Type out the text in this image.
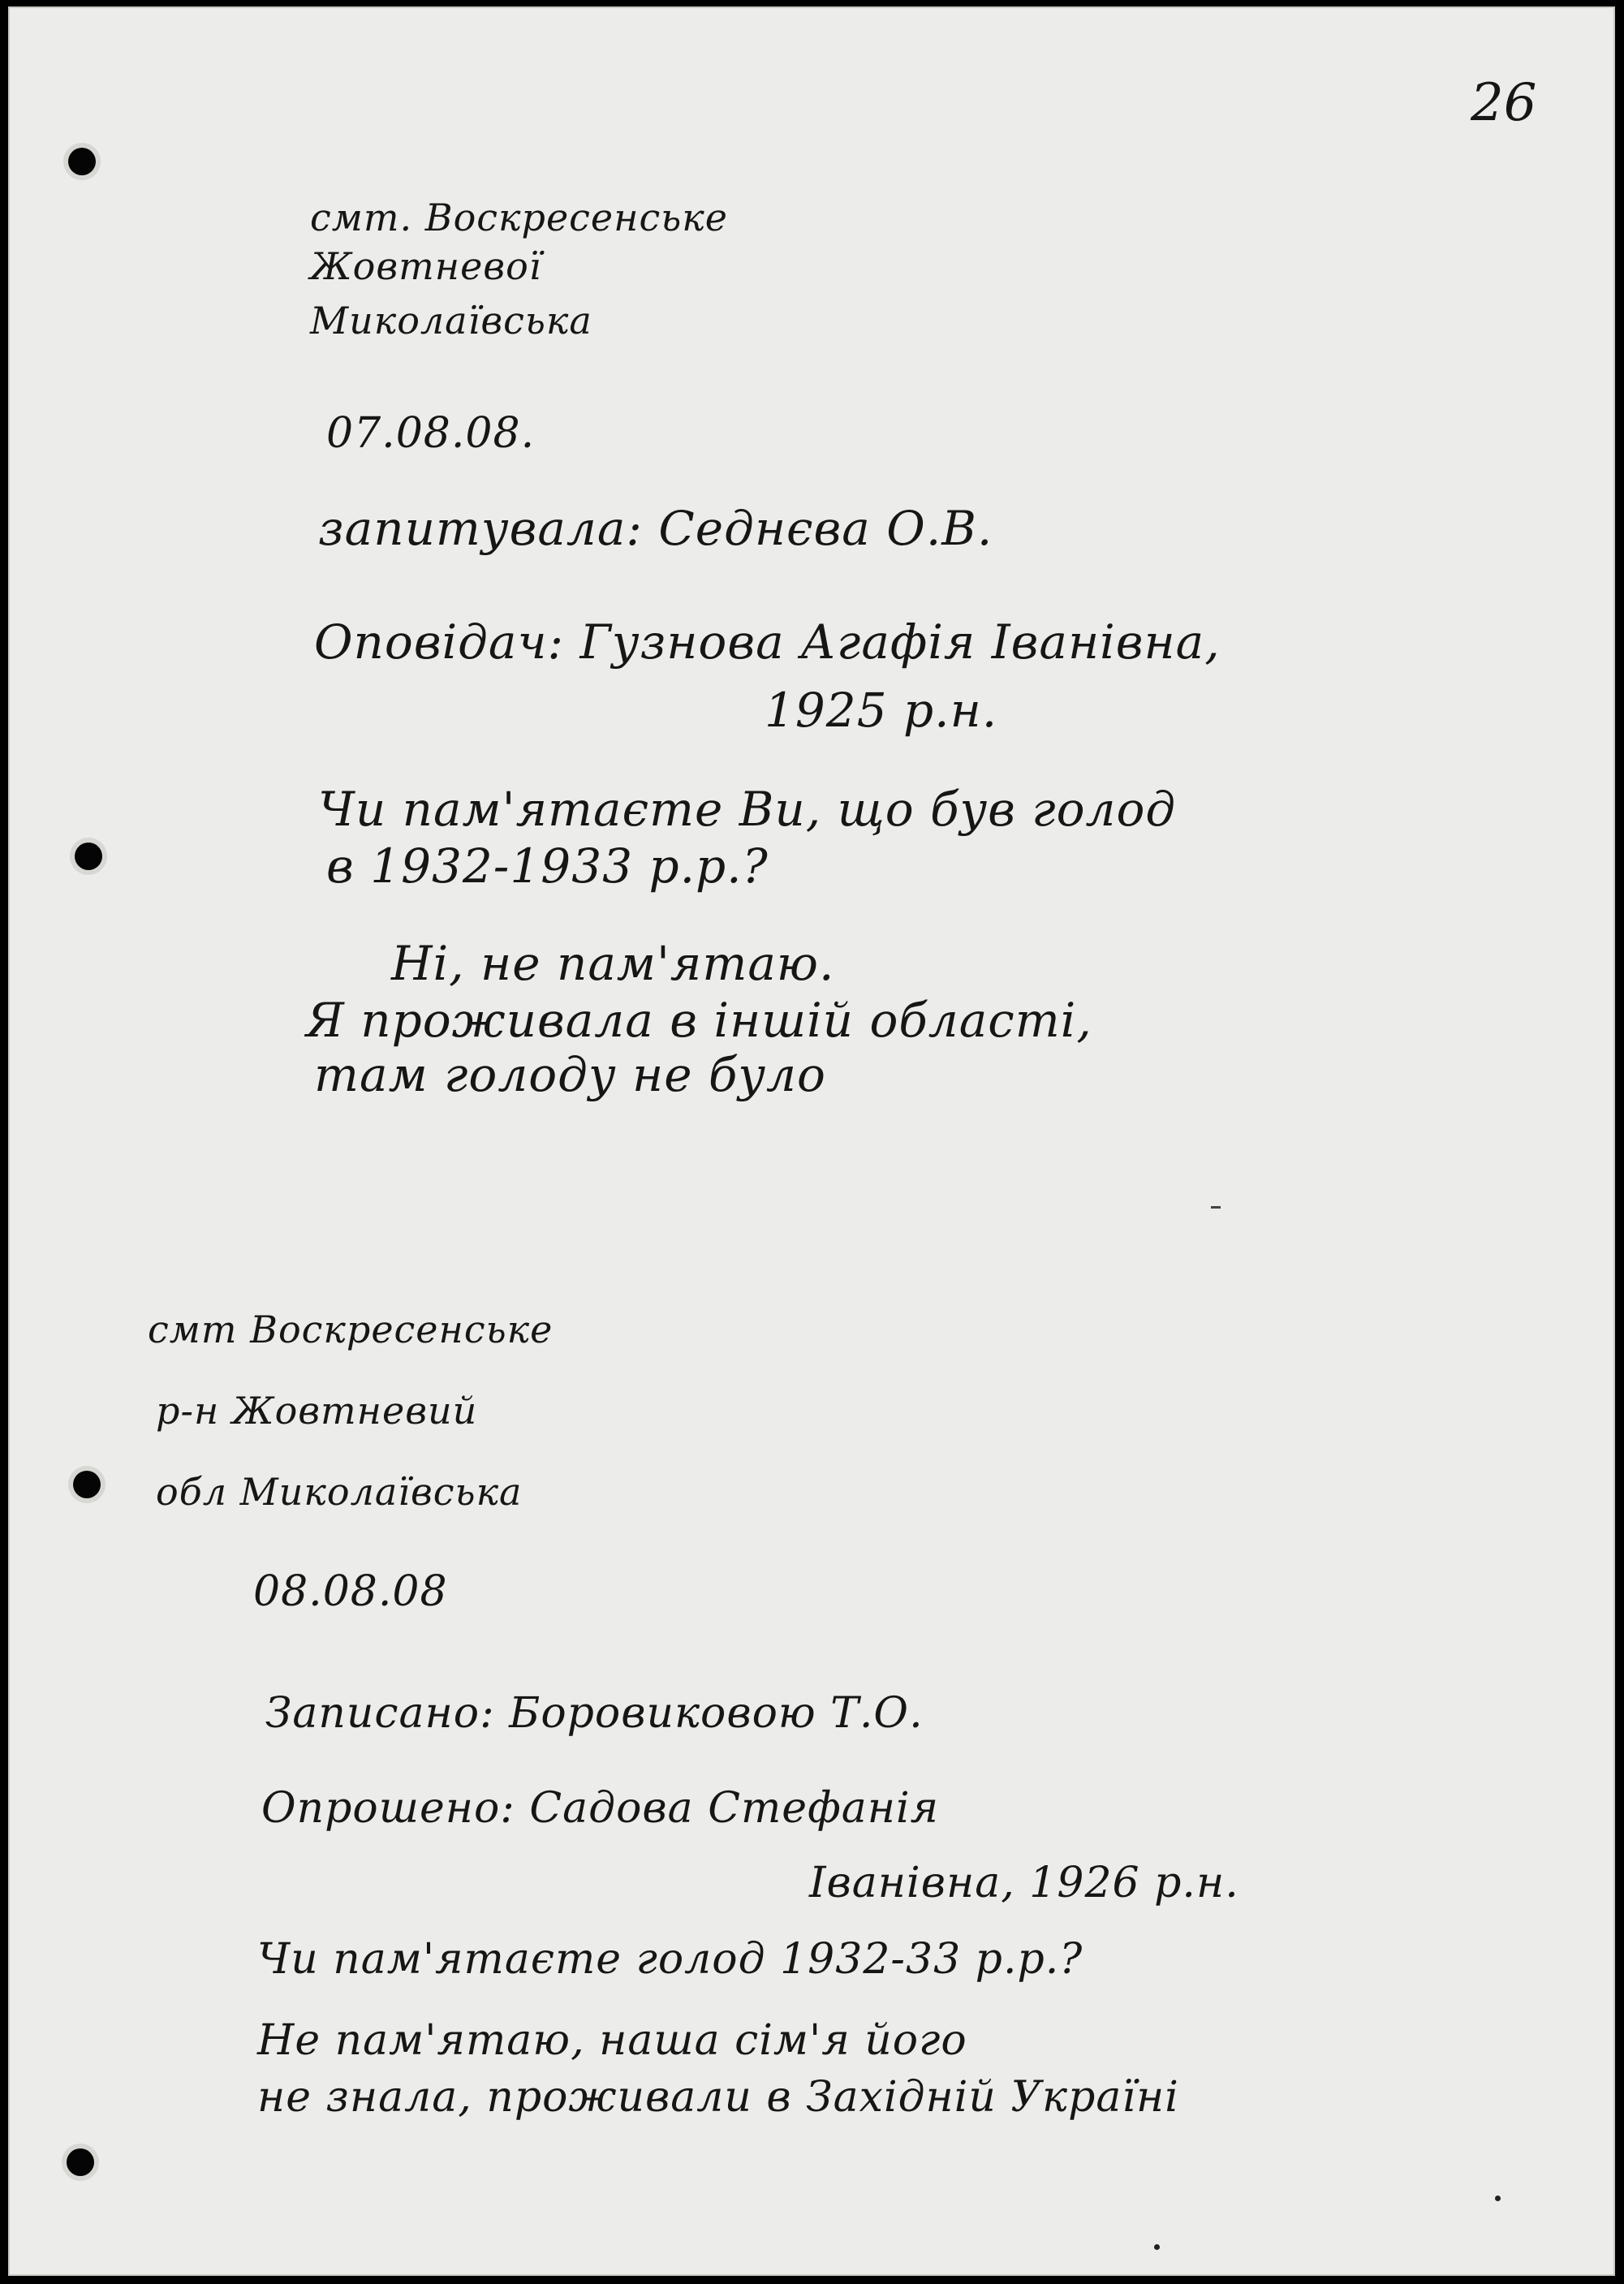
26
смт. Воскресенське
Жовтневої
Миколаївська
07.08.08.
запитувала: Седнєва О.В.
Оповідач: Гузнова Агафія Іванівна,
1925 р.н.
Чи пам'ятаєте Ви, що був голод
в 1932-1933 р.р.?
Ні, не пам'ятаю.
Я проживала в іншій області,
там голоду не було
смт Воскресенське
р-н Жовтневий
обл Миколаївська
08.08.08
Записано: Боровиковою Т.О.
Опрошено: Садова Стефанія
Іванівна, 1926 р.н.
Чи пам'ятаєте голод 1932-33 р.р.?
Не пам'ятаю, наша сім'я його
не знала, проживали в Західній Україні
